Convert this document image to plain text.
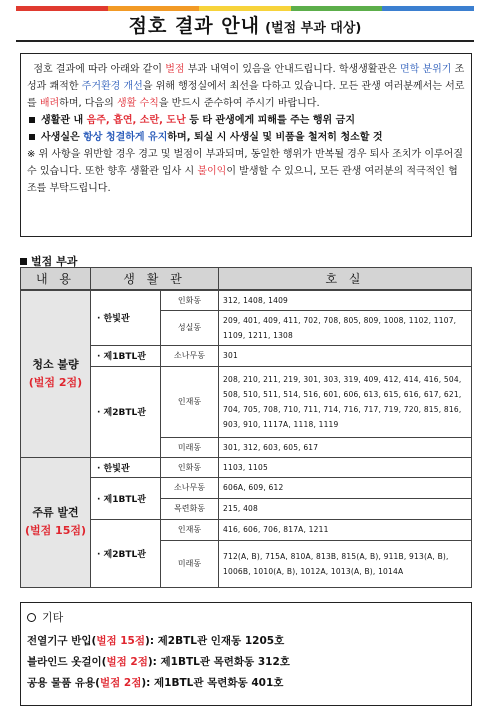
점호 결과 안내 (벌점 부과 대상)

점호 결과에 따라 아래와 같이 벌점 부과 내역이 있음을 안내드립니다. 학생생활관은 면학 분위기 조성과 쾌적한 주거환경 개선을 위해 행정실에서 최선을 다하고 있습니다. 모든 관생 여러분께서는 서로를 배려하며, 다음의 생활 수칙을 반드시 준수하여 주시기 바랍니다.

생활관 내 음주, 흡연, 소란, 도난 등 타 관생에게 피해를 주는 행위 금지

사생실은 항상 청결하게 유지하며, 퇴실 시 사생실 및 비품을 철저히 청소할 것

※ 위 사항을 위반할 경우 경고 및 벌점이 부과되며, 동일한 행위가 반복될 경우 퇴사 조치가 이루어질 수 있습니다. 또한 향후 생활관 입사 시 불이익이 발생할 수 있으니, 모든 관생 여러분의 적극적인 협조를 부탁드립니다.

벌점 부과
내 용	생 활 관		호 실

청소 불량
(벌점 2점)	· 한빛관	인화동	312, 1408, 1409
		성실동	209, 401, 409, 411, 702, 708, 805, 809, 1008, 1102, 1107, 1109, 1211, 1308
	· 제1BTL관	소나무동	301
	· 제2BTL관	인재동	208, 210, 211, 219, 301, 303, 319, 409, 412, 414, 416, 504, 508, 510, 511, 514, 516, 601, 606, 613, 615, 616, 617, 621, 704, 705, 708, 710, 711, 714, 716, 717, 719, 720, 815, 816, 903, 910, 1117A, 1118, 1119
		미래동	301, 312, 603, 605, 617

주류 발견
(벌점 15점)	· 한빛관	인화동	1103, 1105
	· 제1BTL관	소나무동	606A, 609, 612
		목련화동	215, 408
	· 제2BTL관	인재동	416, 606, 706, 817A, 1211
		미래동	712(A, B), 715A, 810A, 813B, 815(A, B), 911B, 913(A, B), 1006B, 1010(A, B), 1012A, 1013(A, B), 1014A
기타
전열기구 반입(벌점 15점): 제2BTL관 인재동 1205호
블라인드 옷걸이(벌점 2점): 제1BTL관 목련화동 312호
공용 물품 유용(벌점 2점): 제1BTL관 목련화동 401호
